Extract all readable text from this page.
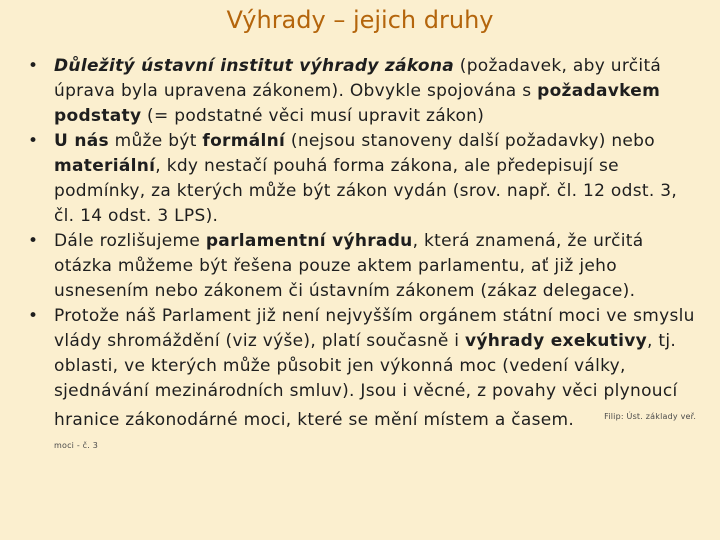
Výhrady – jejich druhy
• Důležitý ústavní institut výhrady zákona (požadavek, aby určitá úprava byla upravena zákonem). Obvykle spojována s požadavkem podstaty (= podstatné věci musí upravit zákon)
• U nás může být formální (nejsou stanoveny další požadavky) nebo materiální, kdy nestačí pouhá forma zákona, ale předepisují se podmínky, za kterých může být zákon vydán (srov. např. čl. 12 odst. 3, čl. 14 odst. 3 LPS).
• Dále rozlišujeme parlamentní výhradu, která znamená, že určitá otázka můžeme být řešena pouze aktem parlamentu, ať již jeho usnesením nebo zákonem či ústavním zákonem (zákaz delegace).
• Protože náš Parlament již není nejvyšším orgánem státní moci ve smyslu vlády shromáždění (viz výše), platí současně i výhrady exekutivy, tj. oblasti, ve kterých může působit jen výkonná moc (vedení války, sjednávání mezinárodních smluv). Jsou i věcné, z povahy věci plynoucí hranice zákonodárné moci, které se mění místem a časem.	$^{Filip: Úst. základy veř. moci - č. 3}$
